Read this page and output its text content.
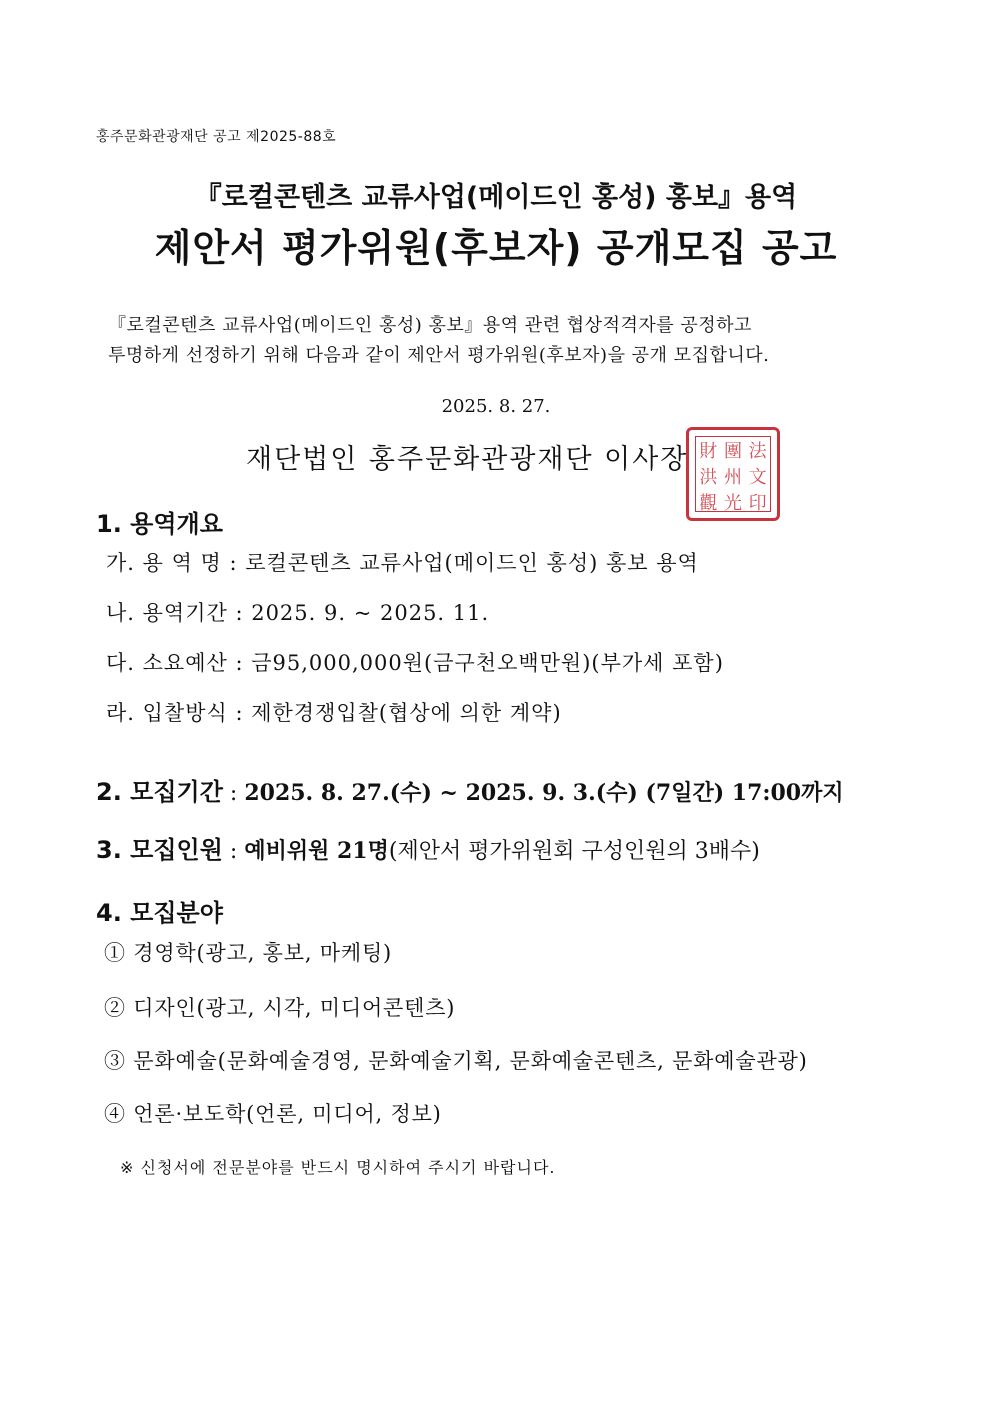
홍주문화관광재단 공고 제2025-88호
『로컬콘텐츠 교류사업(메이드인 홍성) 홍보』용역
제안서 평가위원(후보자) 공개모집 공고
『로컬콘텐츠 교류사업(메이드인 홍성) 홍보』용역 관련 협상적격자를 공정하고
투명하게 선정하기 위해 다음과 같이 제안서 평가위원(후보자)을 공개 모집합니다.
2025. 8. 27.
재단법인 홍주문화관광재단 이사장 財 團 法
洪 州 文
觀 光 印
1. 용역개요
가. 용 역 명 : 로컬콘텐츠 교류사업(메이드인 홍성) 홍보 용역
나. 용역기간 : 2025. 9. ~ 2025. 11.
다. 소요예산 : 금95,000,000원(금구천오백만원)(부가세 포함)
라. 입찰방식 : 제한경쟁입찰(협상에 의한 계약)
2. 모집기간 : 2025. 8. 27.(수) ~ 2025. 9. 3.(수) (7일간) 17:00까지
3. 모집인원 : 예비위원 21명(제안서 평가위원회 구성인원의 3배수)
4. 모집분야
① 경영학(광고, 홍보, 마케팅)
② 디자인(광고, 시각, 미디어콘텐츠)
③ 문화예술(문화예술경영, 문화예술기획, 문화예술콘텐츠, 문화예술관광)
④ 언론·보도학(언론, 미디어, 정보)
※ 신청서에 전문분야를 반드시 명시하여 주시기 바랍니다.
